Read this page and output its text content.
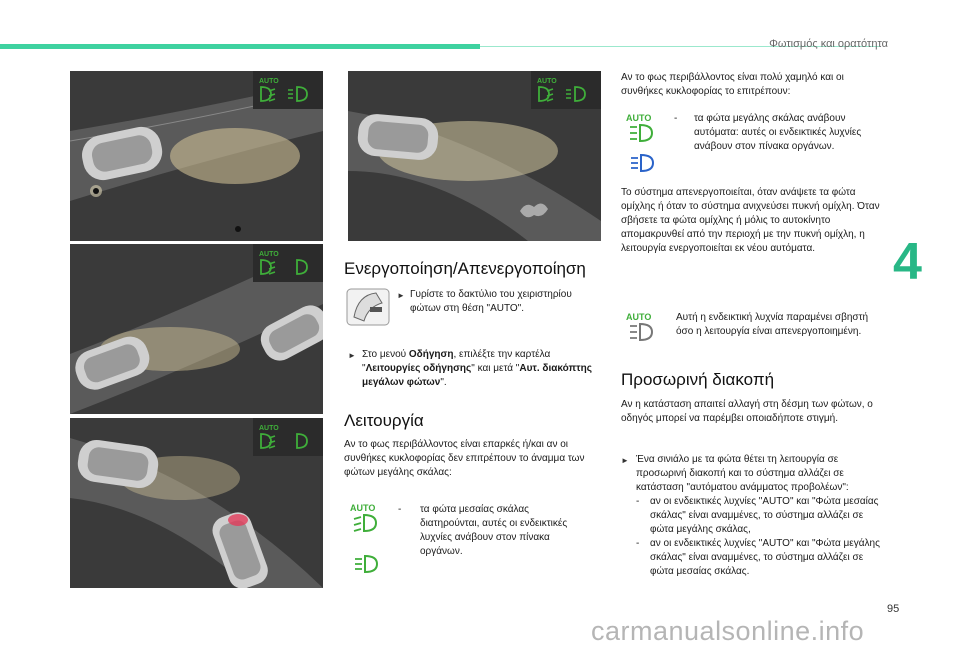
Φωτισμός και ορατότητα
4
95
carmanualsonline.info
AUTO
AUTO
AUTO
AUTO
Ενεργοποίηση/Απενεργοποίηση
► Γυρίστε το δακτύλιο του χειριστηρίου φώτων στη θέση "AUTO".
► Στο μενού Οδήγηση, επιλέξτε την καρτέλα "Λειτουργίες οδήγησης" και μετά "Αυτ. διακόπτης μεγάλων φώτων".
Λειτουργία
Αν το φως περιβάλλοντος είναι επαρκές ή/και αν οι συνθήκες κυκλοφορίας δεν επιτρέπουν το άναμμα των φώτων μεγάλης σκάλας:
AUTO - τα φώτα μεσαίας σκάλας διατηρούνται, αυτές οι ενδεικτικές λυχνίες ανάβουν στον πίνακα οργάνων.
Αν το φως περιβάλλοντος είναι πολύ χαμηλό και οι συνθήκες κυκλοφορίας το επιτρέπουν:
AUTO - τα φώτα μεγάλης σκάλας ανάβουν αυτόματα: αυτές οι ενδεικτικές λυχνίες ανάβουν στον πίνακα οργάνων.
Το σύστημα απενεργοποιείται, όταν ανάψετε τα φώτα ομίχλης ή όταν το σύστημα ανιχνεύσει πυκνή ομίχλη. Όταν σβήσετε τα φώτα ομίχλης ή μόλις το αυτοκίνητο απομακρυνθεί από την περιοχή με την πυκνή ομίχλη, η λειτουργία ενεργοποιείται εκ νέου αυτόματα.
AUTO Αυτή η ενδεικτική λυχνία παραμένει σβηστή όσο η λειτουργία είναι απενεργοποιημένη.
Προσωρινή διακοπή
Αν η κατάσταση απαιτεί αλλαγή στη δέσμη των φώτων, ο οδηγός μπορεί να παρέμβει οποιαδήποτε στιγμή.
► Ένα σινιάλο με τα φώτα θέτει τη λειτουργία σε προσωρινή διακοπή και το σύστημα αλλάζει σε κατάσταση "αυτόματου ανάμματος προβολέων":
- αν οι ενδεικτικές λυχνίες "AUTO" και "Φώτα μεσαίας σκάλας" είναι αναμμένες, το σύστημα αλλάζει σε φώτα μεγάλης σκάλας,
- αν οι ενδεικτικές λυχνίες "AUTO" και "Φώτα μεγάλης σκάλας" είναι αναμμένες, το σύστημα αλλάζει σε φώτα μεσαίας σκάλας.
